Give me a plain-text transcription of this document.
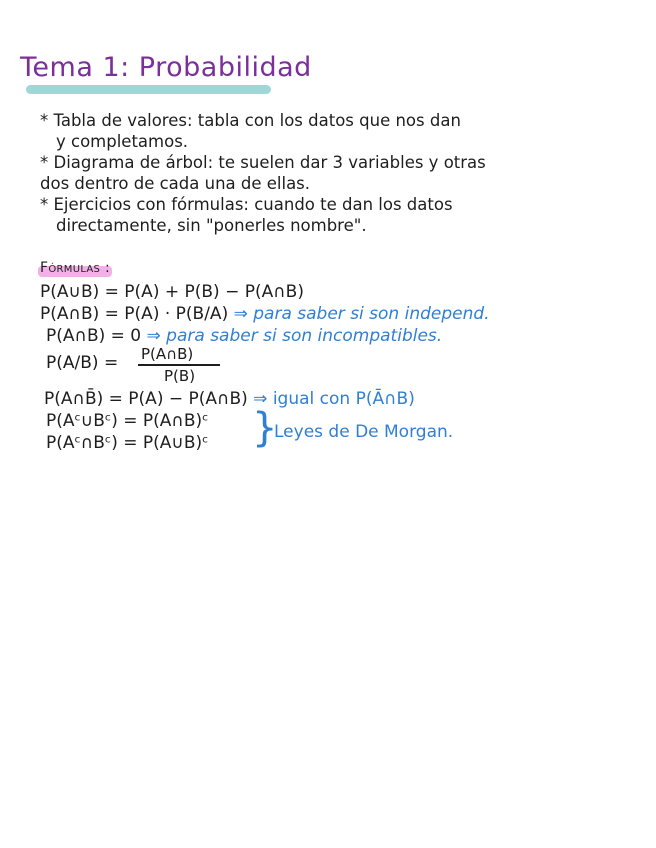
Tema 1: Probabilidad
* Tabla de valores: tabla con los datos que nos dan
y completamos.
* Diagrama de árbol: te suelen dar 3 variables y otras
dos dentro de cada una de ellas.
* Ejercicios con fórmulas: cuando te dan los datos
directamente, sin "ponerles nombre".
Fórmulas :
P(A∪B) = P(A) + P(B) − P(A∩B)
P(A∩B) = P(A) · P(B/A) ⇒ para saber si son independ.
P(A∩B) = 0 ⇒ para saber si son incompatibles.
P(A/B) = P(A∩B)
P(B)
P(A∩B̄) = P(A) − P(A∩B) ⇒ igual con P(Ā∩B)
P(Aᶜ∪Bᶜ) = P(A∩B)ᶜ
P(Aᶜ∩Bᶜ) = P(A∪B)ᶜ }
Leyes de De Morgan.
